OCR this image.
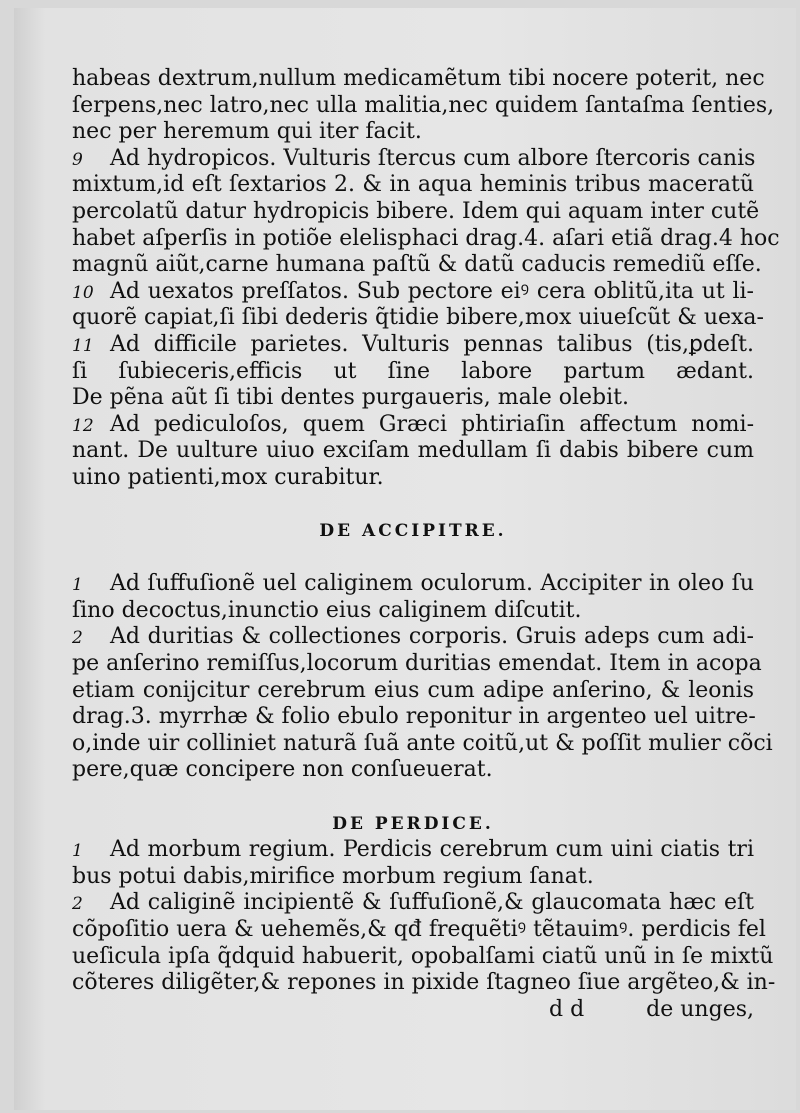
habeas dextrum,nullum medicamẽtum tibi nocere poterit, nec
ſerpens,nec latro,nec ulla malitia,nec quidem ſantaſma ſenties,
nec per heremum qui iter facit.
9 Ad hydropicos. Vulturis ſtercus cum albore ſtercoris canis
mixtum,id eſt ſextarios 2. & in aqua heminis tribus maceratũ
percolatũ datur hydropicis bibere. Idem qui aquam inter cutẽ
habet aſperſis in potiõe elelisphaci drag.4. aſari etiã drag.4 hoc
magnũ aiũt,carne humana paſtũ & datũ caducis remediũ eſſe.
10 Ad uexatos preſſatos. Sub pectore eiꝰ cera oblitũ,ita ut li-
quorẽ capiat,ſi ſibi dederis q̃tidie bibere,mox uiueſcũt & uexa-
11 Ad difficile parietes. Vulturis pennas talibus (tis,ꝑdeſt.
ſi ſubieceris,efficis ut ſine labore partum ædant.
De pẽna aũt ſi tibi dentes purgaueris, male olebit.
12 Ad pediculoſos, quem Græci phtiriaſin affectum nomi-
nant. De uulture uiuo exciſam medullam ſi dabis bibere cum
uino patienti,mox curabitur.
DE ACCIPITRE.
1 Ad ſuffuſionẽ uel caliginem oculorum. Accipiter in oleo ſu
ſino decoctus,inunctio eius caliginem diſcutit.
2 Ad duritias & collectiones corporis. Gruis adeps cum adi-
pe anſerino remiſſus,locorum duritias emendat. Item in acopa
etiam conijcitur cerebrum eius cum adipe anſerino, & leonis
drag.3. myrrhæ & folio ebulo reponitur in argenteo uel uitre-
o,inde uir colliniet naturã ſuã ante coitũ,ut & poſſit mulier cõci
pere,quæ concipere non conſueuerat.
DE PERDICE.
1 Ad morbum regium. Perdicis cerebrum cum uini ciatis tri
bus potui dabis,mirifice morbum regium ſanat.
2 Ad caliginẽ incipientẽ & ſuffuſionẽ,& glaucomata hæc eſt
cõpoſitio uera & uehemẽs,& qđ frequẽtiꝰ tẽtauimꝰ. perdicis fel
ueſicula ipſa q̃dquid habuerit, opobalſami ciatũ unũ in ſe mixtũ
cõteres diligẽter,& repones in pixide ſtagneo ſiue argẽteo,& in-
d d	de unges,
